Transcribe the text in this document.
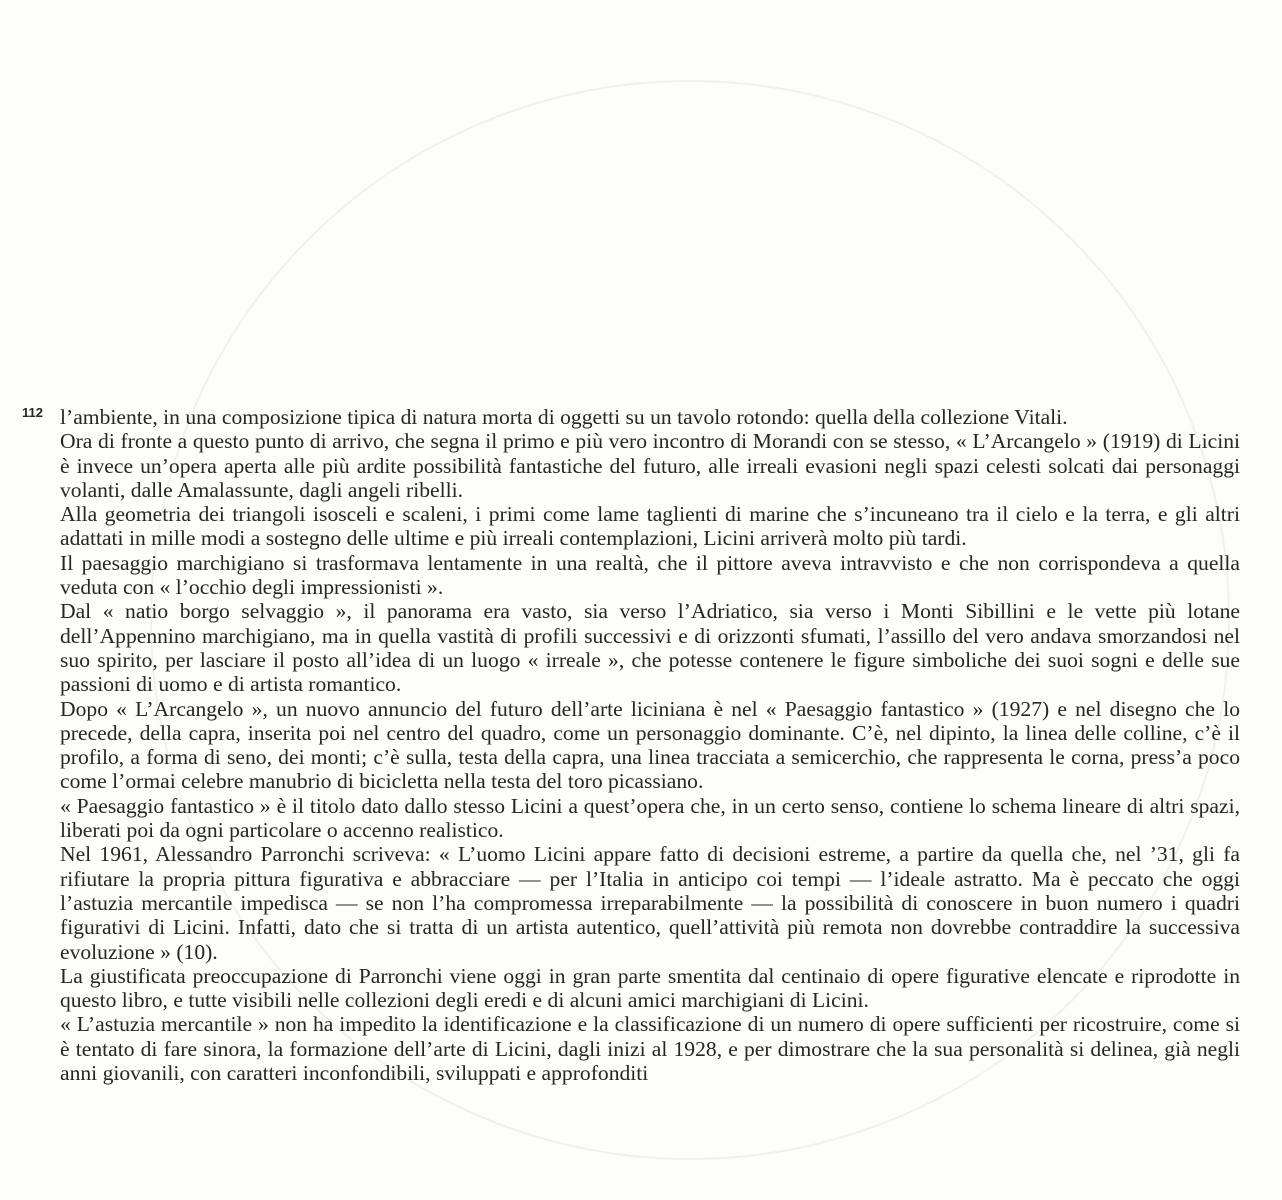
112 l’ambiente, in una composizione tipica di natura morta di oggetti su un tavolo rotondo: quella della collezione Vitali.

Ora di fronte a questo punto di arrivo, che segna il primo e più vero incontro di Morandi con se stesso, « L’Arcangelo » (1919) di Licini è invece un’opera aperta alle più ardite possibilità fantastiche del futuro, alle irreali evasioni negli spazi celesti solcati dai personaggi volanti, dalle Amalassunte, dagli angeli ribelli.

Alla geometria dei triangoli isosceli e scaleni, i primi come lame taglienti di marine che s’incuneano tra il cielo e la terra, e gli altri adattati in mille modi a sostegno delle ultime e più irreali contemplazioni, Licini arriverà molto più tardi.

Il paesaggio marchigiano si trasformava lentamente in una realtà, che il pittore aveva intravvisto e che non corrispondeva a quella veduta con « l’occhio degli impressionisti ».

Dal « natio borgo selvaggio », il panorama era vasto, sia verso l’Adriatico, sia verso i Monti Sibillini e le vette più lotane dell’Appennino marchigiano, ma in quella vastità di profili successivi e di orizzonti sfumati, l’assillo del vero andava smorzandosi nel suo spirito, per lasciare il posto all’idea di un luogo « irreale », che potesse contenere le figure simboliche dei suoi sogni e delle sue passioni di uomo e di artista romantico.

Dopo « L’Arcangelo », un nuovo annuncio del futuro dell’arte liciniana è nel « Paesaggio fantastico » (1927) e nel disegno che lo precede, della capra, inserita poi nel centro del quadro, come un personaggio dominante. C’è, nel dipinto, la linea delle colline, c’è il profilo, a forma di seno, dei monti; c’è sulla, testa della capra, una linea tracciata a semicerchio, che rappresenta le corna, press’a poco come l’ormai celebre manubrio di bicicletta nella testa del toro picassiano.

« Paesaggio fantastico » è il titolo dato dallo stesso Licini a quest’opera che, in un certo senso, contiene lo schema lineare di altri spazi, liberati poi da ogni particolare o accenno realistico.

Nel 1961, Alessandro Parronchi scriveva: « L’uomo Licini appare fatto di decisioni estreme, a partire da quella che, nel ’31, gli fa rifiutare la propria pittura figurativa e abbracciare — per l’Italia in anticipo coi tempi — l’ideale astratto. Ma è peccato che oggi l’astuzia mercantile impedisca — se non l’ha compromessa irreparabilmente — la possibilità di conoscere in buon numero i quadri figurativi di Licini. Infatti, dato che si tratta di un artista autentico, quell’attività più remota non dovrebbe contraddire la successiva evoluzione » (10).

La giustificata preoccupazione di Parronchi viene oggi in gran parte smentita dal centinaio di opere figurative elencate e riprodotte in questo libro, e tutte visibili nelle collezioni degli eredi e di alcuni amici marchigiani di Licini.

« L’astuzia mercantile » non ha impedito la identificazione e la classificazione di un numero di opere sufficienti per ricostruire, come si è tentato di fare sinora, la formazione dell’arte di Licini, dagli inizi al 1928, e per dimostrare che la sua personalità si delinea, già negli anni giovanili, con caratteri inconfondibili, sviluppati e approfonditi
